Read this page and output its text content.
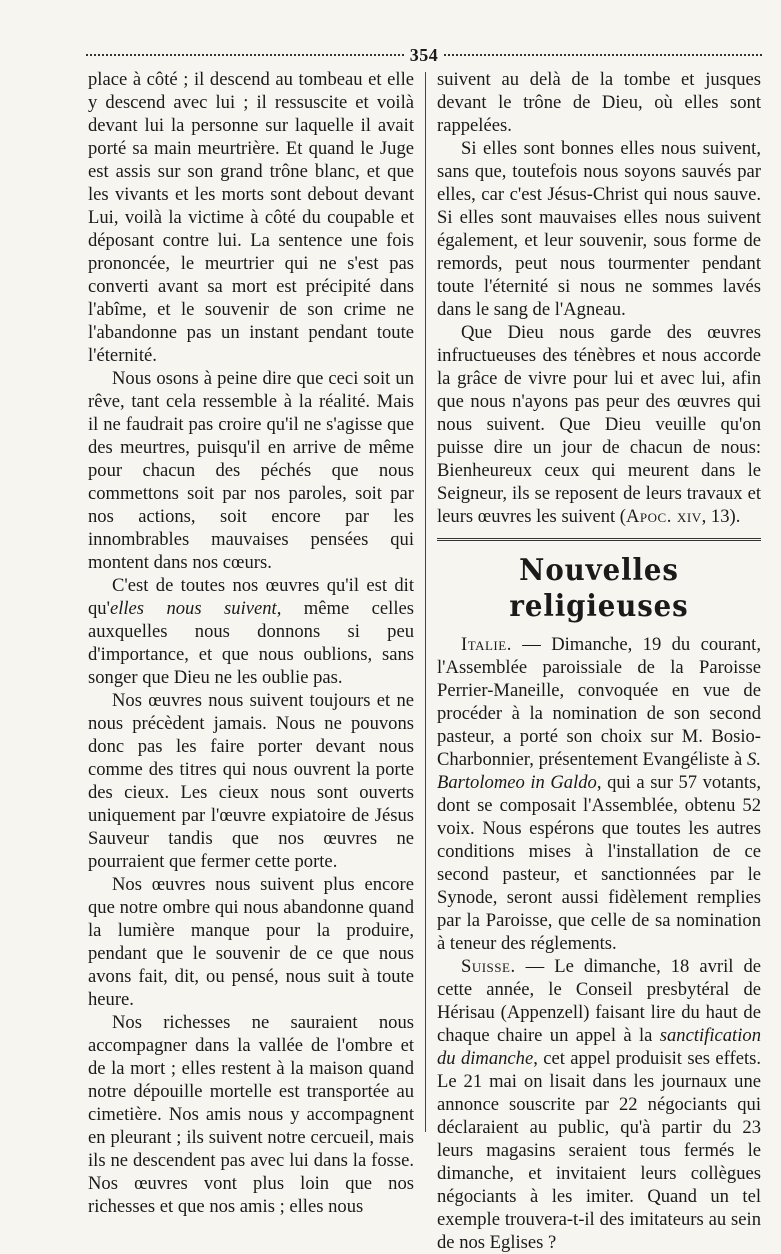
354

place à côté ; il descend au tombeau et elle y descend avec lui ; il ressuscite et voilà devant lui la personne sur laquelle il avait porté sa main meurtrière. Et quand le Juge est assis sur son grand trône blanc, et que les vivants et les morts sont debout devant Lui, voilà la victime à côté du coupable et déposant contre lui. La sentence une fois prononcée, le meurtrier qui ne s'est pas converti avant sa mort est précipité dans l'abîme, et le souvenir de son crime ne l'abandonne pas un instant pendant toute l'éternité.

Nous osons à peine dire que ceci soit un rêve, tant cela ressemble à la réalité. Mais il ne faudrait pas croire qu'il ne s'agisse que des meurtres, puisqu'il en arrive de même pour chacun des péchés que nous commettons soit par nos paroles, soit par nos actions, soit encore par les innombrables mauvaises pensées qui montent dans nos cœurs.

C'est de toutes nos œuvres qu'il est dit qu'elles nous suivent, même celles auxquelles nous donnons si peu d'importance, et que nous oublions, sans songer que Dieu ne les oublie pas.

Nos œuvres nous suivent toujours et ne nous précèdent jamais. Nous ne pouvons donc pas les faire porter devant nous comme des titres qui nous ouvrent la porte des cieux. Les cieux nous sont ouverts uniquement par l'œuvre expiatoire de Jésus Sauveur tandis que nos œuvres ne pourraient que fermer cette porte.

Nos œuvres nous suivent plus encore que notre ombre qui nous abandonne quand la lumière manque pour la produire, pendant que le souvenir de ce que nous avons fait, dit, ou pensé, nous suit à toute heure.

Nos richesses ne sauraient nous accompagner dans la vallée de l'ombre et de la mort ; elles restent à la maison quand notre dépouille mortelle est transportée au cimetière. Nos amis nous y accompagnent en pleurant ; ils suivent notre cercueil, mais ils ne descendent pas avec lui dans la fosse. Nos œuvres vont plus loin que nos richesses et que nos amis ; elles nous

suivent au delà de la tombe et jusques devant le trône de Dieu, où elles sont rappelées.

Si elles sont bonnes elles nous suivent, sans que, toutefois nous soyons sauvés par elles, car c'est Jésus-Christ qui nous sauve. Si elles sont mauvaises elles nous suivent également, et leur souvenir, sous forme de remords, peut nous tourmenter pendant toute l'éternité si nous ne sommes lavés dans le sang de l'Agneau.

Que Dieu nous garde des œuvres infructueuses des ténèbres et nous accorde la grâce de vivre pour lui et avec lui, afin que nous n'ayons pas peur des œuvres qui nous suivent. Que Dieu veuille qu'on puisse dire un jour de chacun de nous: Bienheureux ceux qui meurent dans le Seigneur, ils se reposent de leurs travaux et leurs œuvres les suivent (Apoc. xiv, 13).

Nouvelles religieuses

Italie. — Dimanche, 19 du courant, l'Assemblée paroissiale de la Paroisse Perrier-Maneille, convoquée en vue de procéder à la nomination de son second pasteur, a porté son choix sur M. Bosio-Charbonnier, présentement Evangéliste à S. Bartolomeo in Galdo, qui a sur 57 votants, dont se composait l'Assemblée, obtenu 52 voix. Nous espérons que toutes les autres conditions mises à l'installation de ce second pasteur, et sanctionnées par le Synode, seront aussi fidèlement remplies par la Paroisse, que celle de sa nomination à teneur des réglements.

Suisse. — Le dimanche, 18 avril de cette année, le Conseil presbytéral de Hérisau (Appenzell) faisant lire du haut de chaque chaire un appel à la sanctification du dimanche, cet appel produisit ses effets. Le 21 mai on lisait dans les journaux une annonce souscrite par 22 négociants qui déclaraient au public, qu'à partir du 23 leurs magasins seraient tous fermés le dimanche, et invitaient leurs collègues négociants à les imiter. Quand un tel exemple trouvera-t-il des imitateurs au sein de nos Eglises ?
